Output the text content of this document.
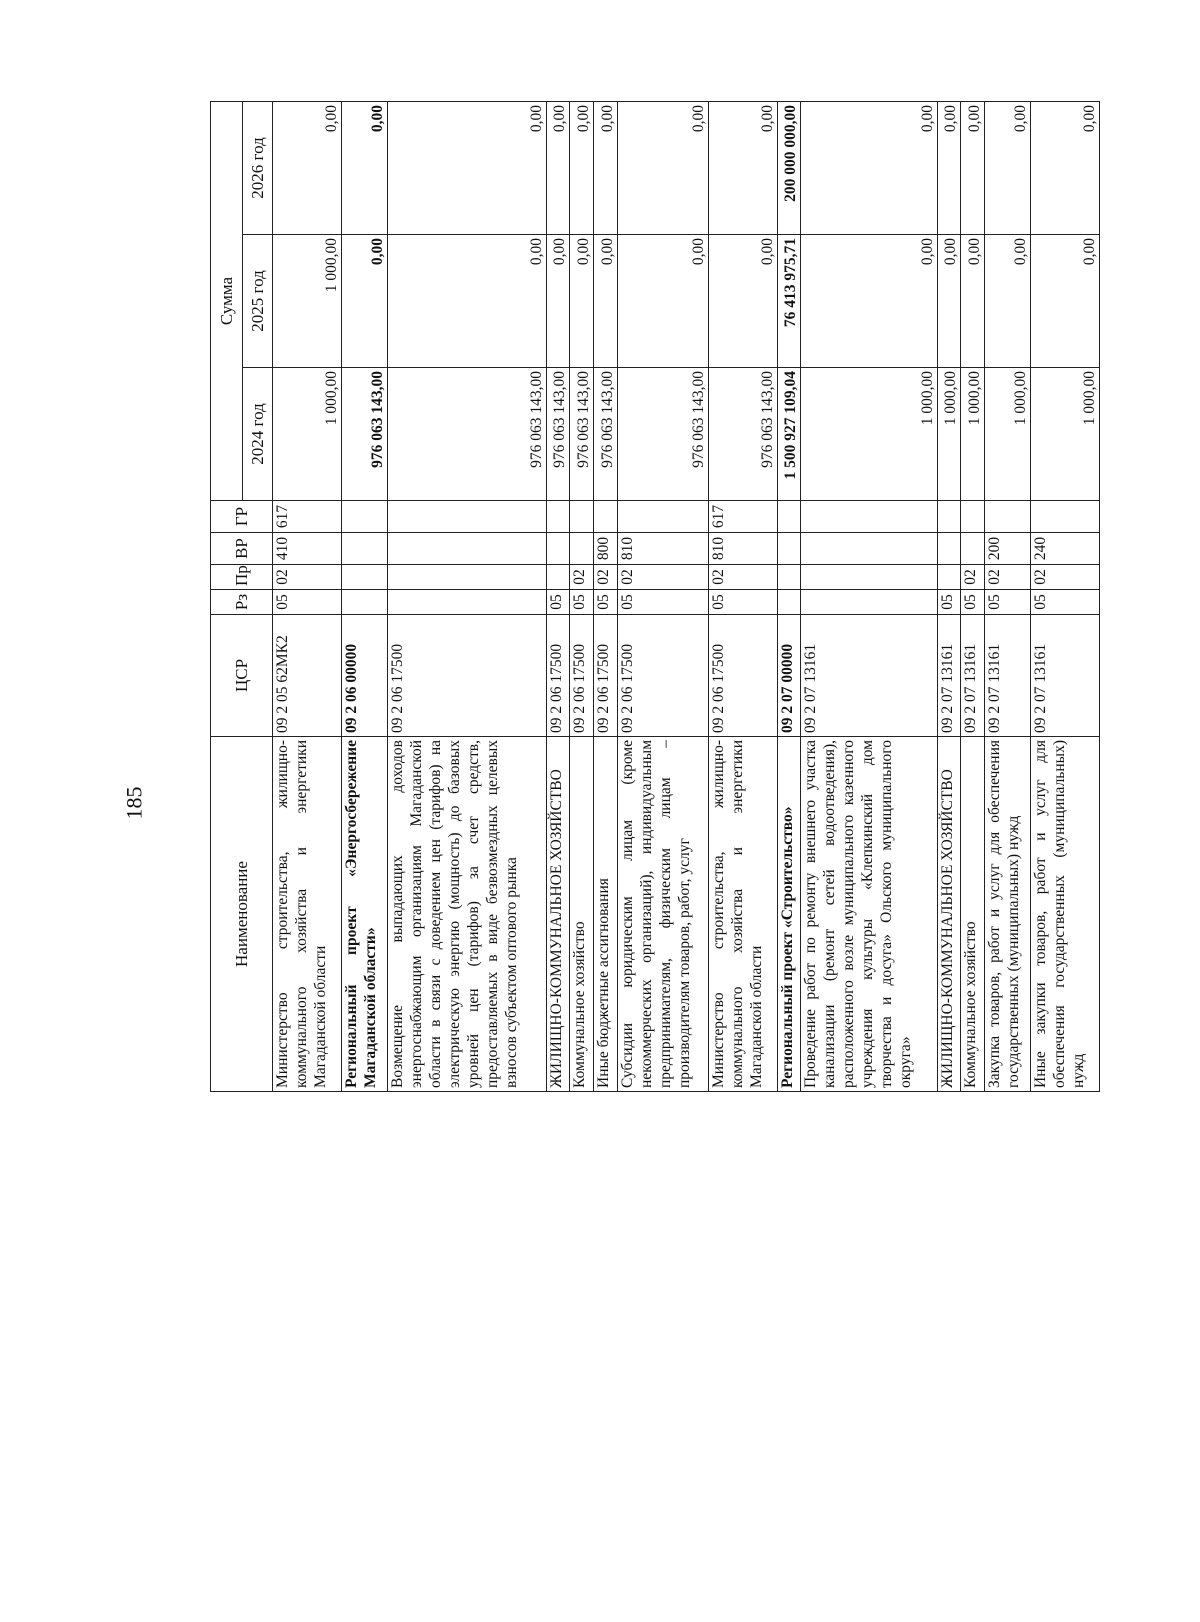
185
Наименование	ЦСР	Рз	Пр	ВР	ГР	Сумма		
						2024 год	2025 год	2026 год
Министерство строительства, жилищно-коммунального хозяйства и энергетики Магаданской области	09 2 05 62МК2	05	02	410	617	1 000,00	1 000,00	0,00
Региональный проект «Энергосбережение Магаданской области»	09 2 06 00000					976 063 143,00	0,00	0,00
Возмещение выпадающих доходов энергоснабжающим организациям Магаданской области в связи с доведением цен (тарифов) на электрическую энергию (мощность) до базовых уровней цен (тарифов) за счет средств, предоставляемых в виде безвозмездных целевых взносов субъектом оптового рынка	09 2 06 17500					976 063 143,00	0,00	0,00
ЖИЛИЩНО-КОММУНАЛЬНОЕ ХОЗЯЙСТВО	09 2 06 17500	05				976 063 143,00	0,00	0,00
Коммунальное хозяйство	09 2 06 17500	05	02			976 063 143,00	0,00	0,00
Иные бюджетные ассигнования	09 2 06 17500	05	02	800		976 063 143,00	0,00	0,00
Субсидии юридическим лицам (кроме некоммерческих организаций), индивидуальным предпринимателям, физическим лицам – производителям товаров, работ, услуг	09 2 06 17500	05	02	810		976 063 143,00	0,00	0,00
Министерство строительства, жилищно-коммунального хозяйства и энергетики Магаданской области	09 2 06 17500	05	02	810	617	976 063 143,00	0,00	0,00
Региональный проект «Строительство»	09 2 07 00000					1 500 927 109,04	76 413 975,71	200 000 000,00
Проведение работ по ремонту внешнего участка канализации (ремонт сетей водоотведения), расположенного возле муниципального казенного учреждения культуры «Клепкинский дом творчества и досуга» Ольского муниципального округа»	09 2 07 13161					1 000,00	0,00	0,00
ЖИЛИЩНО-КОММУНАЛЬНОЕ ХОЗЯЙСТВО	09 2 07 13161	05				1 000,00	0,00	0,00
Коммунальное хозяйство	09 2 07 13161	05	02			1 000,00	0,00	0,00
Закупка товаров, работ и услуг для обеспечения государственных (муниципальных) нужд	09 2 07 13161	05	02	200		1 000,00	0,00	0,00
Иные закупки товаров, работ и услуг для обеспечения государственных (муниципальных) нужд	09 2 07 13161	05	02	240		1 000,00	0,00	0,00
